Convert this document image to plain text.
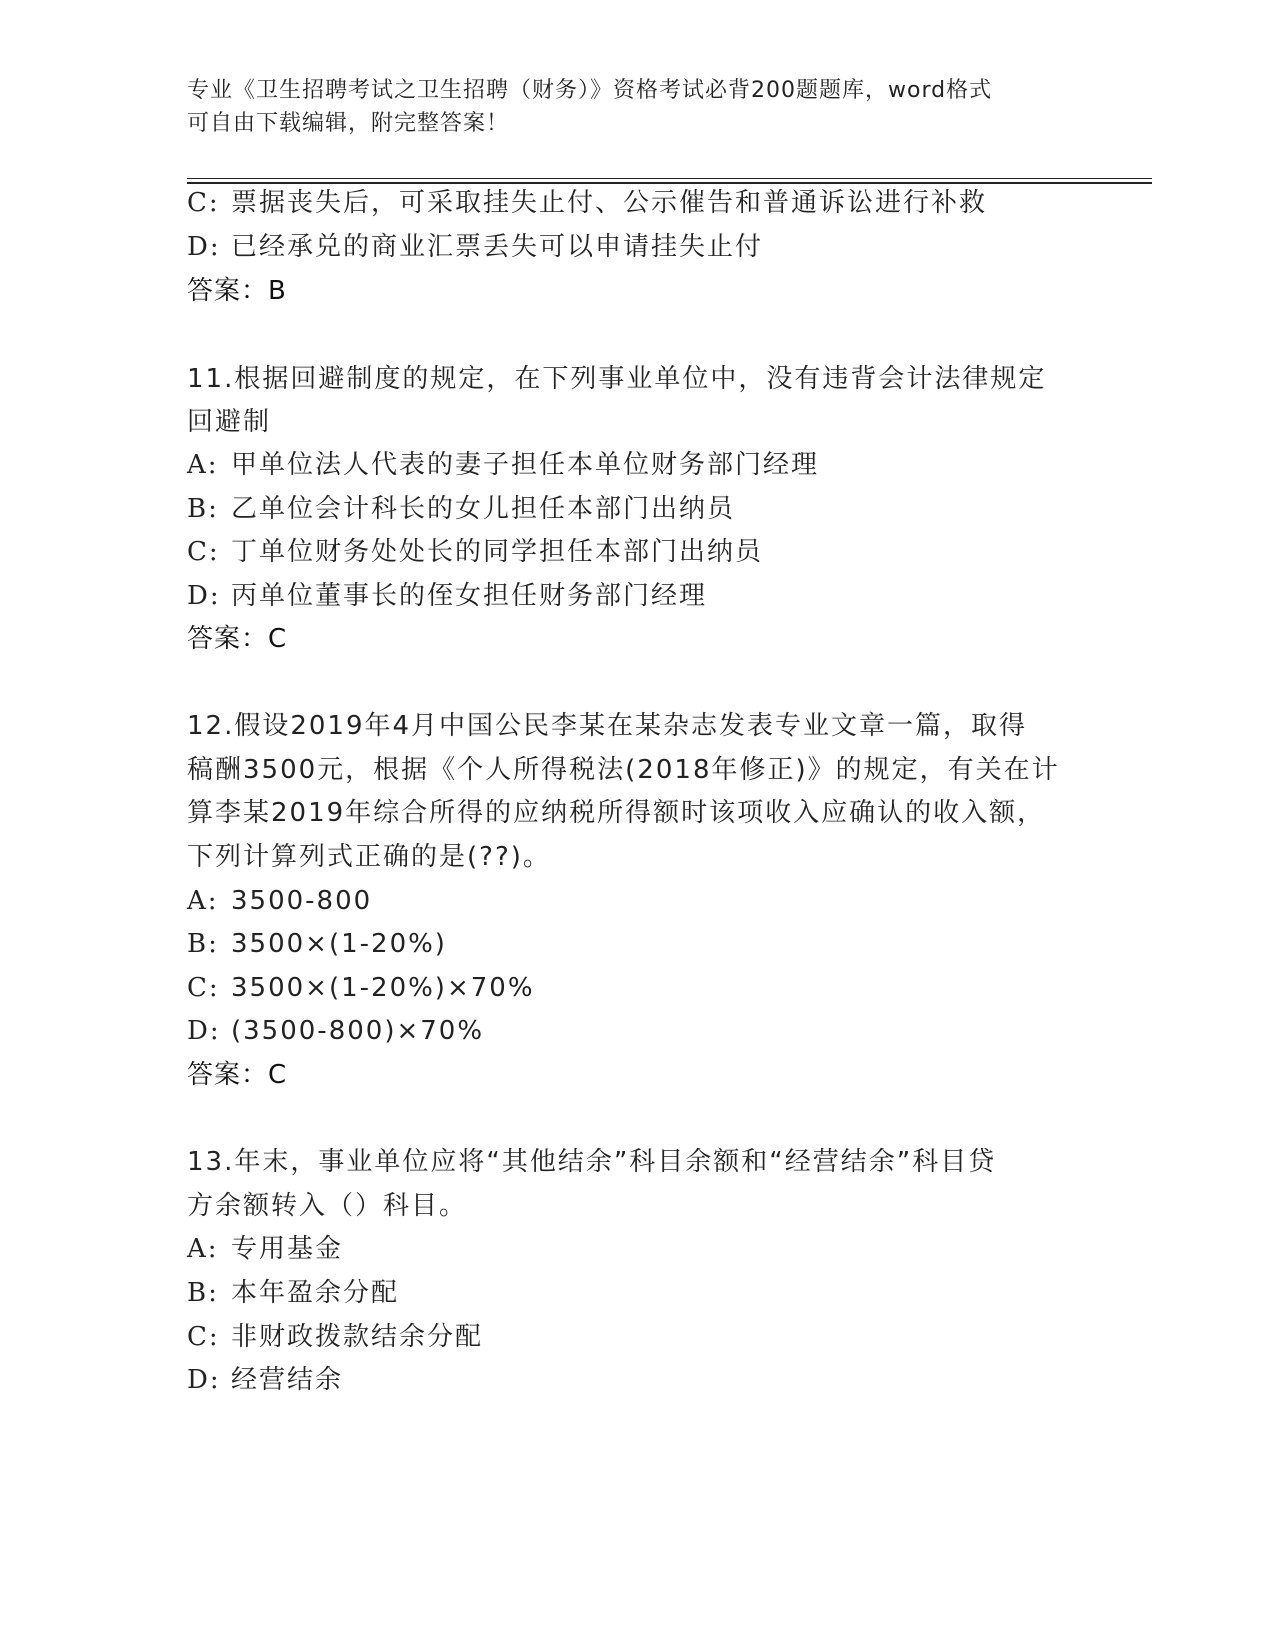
专业《卫生招聘考试之卫生招聘（财务）》资格考试必背200题题库，word格式
可自由下载编辑，附完整答案！
C: 票据丧失后，可采取挂失止付、公示催告和普通诉讼进行补救
D: 已经承兑的商业汇票丢失可以申请挂失止付
答案：B
11.根据回避制度的规定，在下列事业单位中，没有违背会计法律规定
回避制
A: 甲单位法人代表的妻子担任本单位财务部门经理
B: 乙单位会计科长的女儿担任本部门出纳员
C: 丁单位财务处处长的同学担任本部门出纳员
D: 丙单位董事长的侄女担任财务部门经理
答案：C
12.假设2019年4月中国公民李某在某杂志发表专业文章一篇，取得
稿酬3500元，根据《个人所得税法(2018年修正)》的规定，有关在计
算李某2019年综合所得的应纳税所得额时该项收入应确认的收入额，
下列计算列式正确的是(??)。
A: 3500-800
B: 3500×(1-20%)
C: 3500×(1-20%)×70%
D: (3500-800)×70%
答案：C
13.年末，事业单位应将“其他结余”科目余额和“经营结余”科目贷
方余额转入（）科目。
A: 专用基金
B: 本年盈余分配
C: 非财政拨款结余分配
D: 经营结余
